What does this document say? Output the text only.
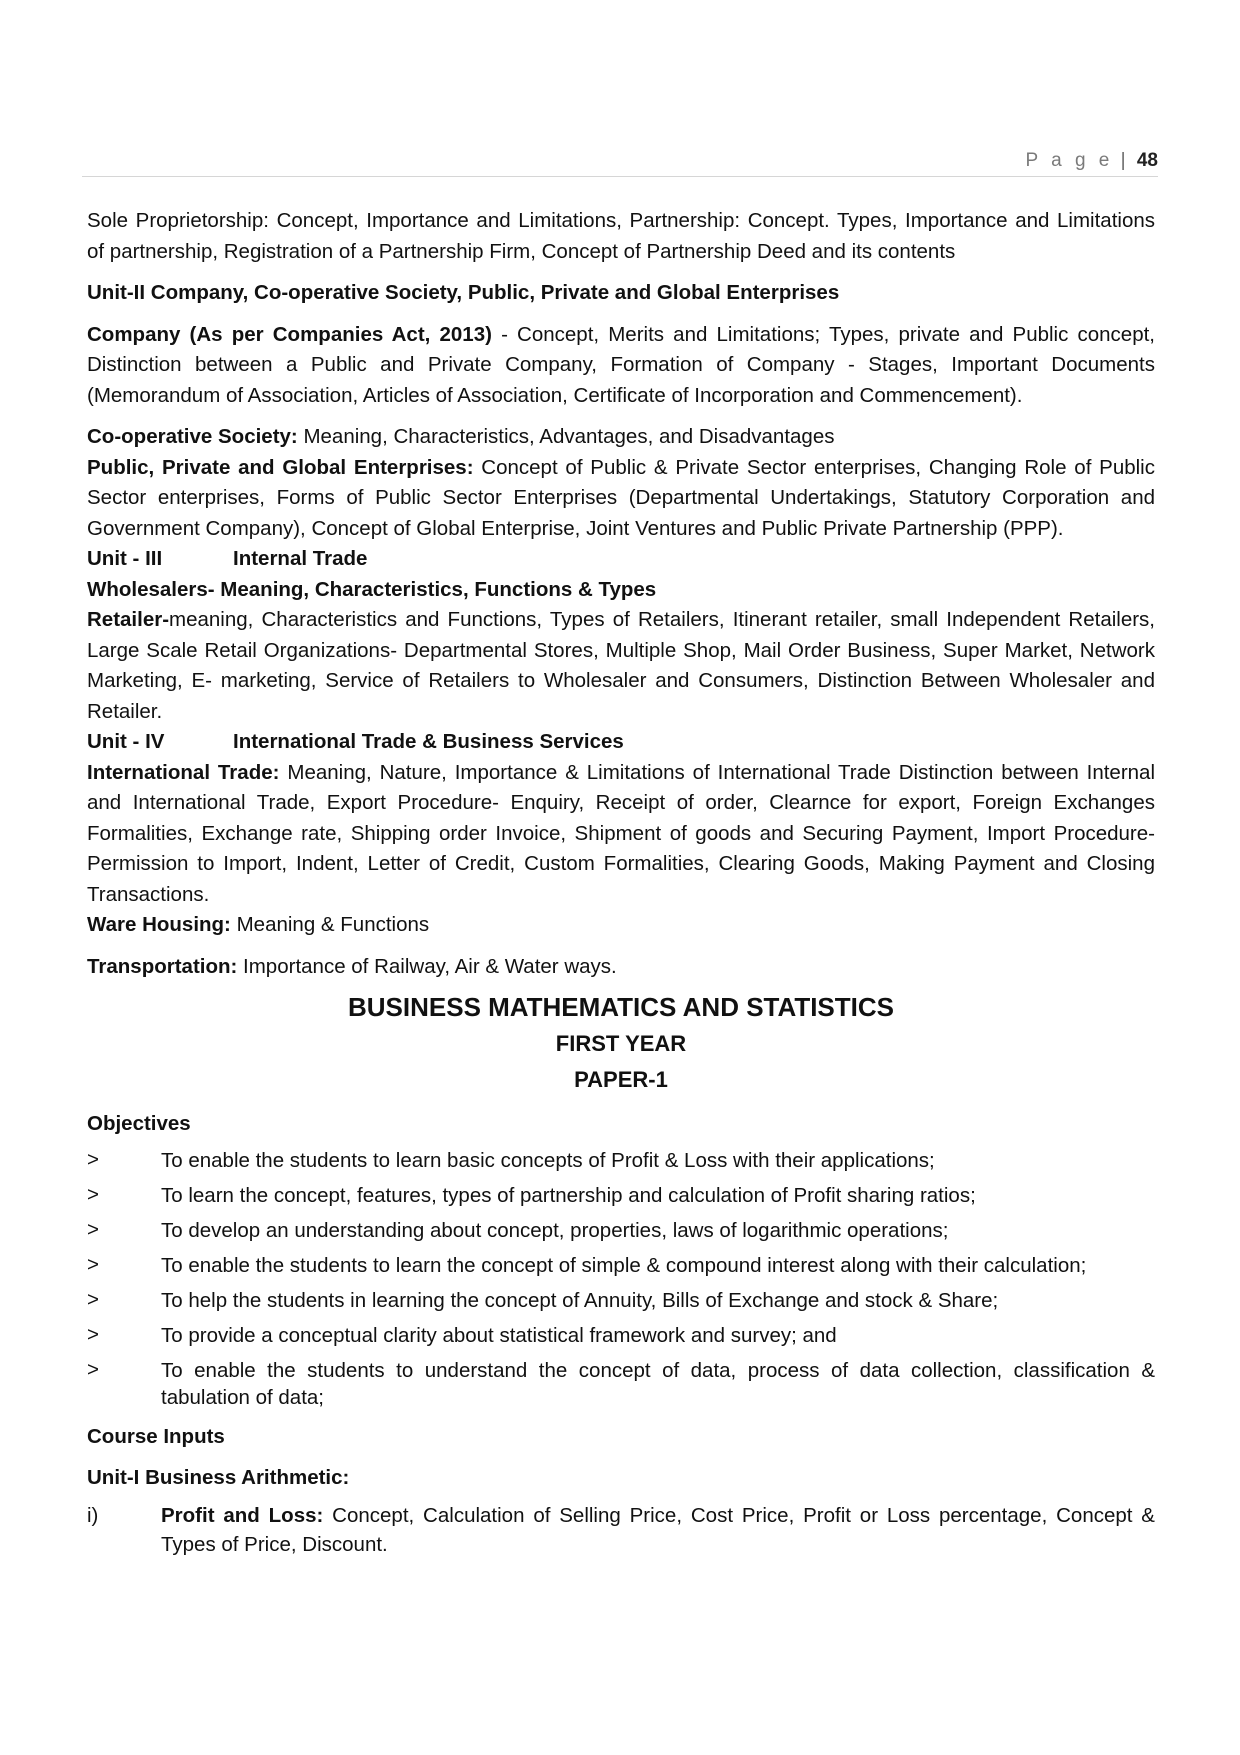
P a g e | 48

Sole Proprietorship: Concept, Importance and Limitations, Partnership: Concept. Types, Importance and Limitations of partnership, Registration of a Partnership Firm, Concept of Partnership Deed and its contents

Unit-II Company, Co-operative Society, Public, Private and Global Enterprises

Company (As per Companies Act, 2013) - Concept, Merits and Limitations; Types, private and Public concept, Distinction between a Public and Private Company, Formation of Company - Stages, Important Documents (Memorandum of Association, Articles of Association, Certificate of Incorporation and Commencement).

Co-operative Society: Meaning, Characteristics, Advantages, and Disadvantages

Public, Private and Global Enterprises: Concept of Public & Private Sector enterprises, Changing Role of Public Sector enterprises, Forms of Public Sector Enterprises (Departmental Undertakings, Statutory Corporation and Government Company), Concept of Global Enterprise, Joint Ventures and Public Private Partnership (PPP).

Unit - III	Internal Trade

Wholesalers- Meaning, Characteristics, Functions & Types

Retailer-meaning, Characteristics and Functions, Types of Retailers, Itinerant retailer, small Independent Retailers, Large Scale Retail Organizations- Departmental Stores, Multiple Shop, Mail Order Business, Super Market, Network Marketing, E- marketing, Service of Retailers to Wholesaler and Consumers, Distinction Between Wholesaler and Retailer.

Unit - IV	International Trade & Business Services

International Trade: Meaning, Nature, Importance & Limitations of International Trade Distinction between Internal and International Trade, Export Procedure- Enquiry, Receipt of order, Clearnce for export, Foreign Exchanges Formalities, Exchange rate, Shipping order Invoice, Shipment of goods and Securing Payment, Import Procedure- Permission to Import, Indent, Letter of Credit, Custom Formalities, Clearing Goods, Making Payment and Closing Transactions.

Ware Housing: Meaning & Functions

Transportation: Importance of Railway, Air & Water ways.

BUSINESS MATHEMATICS AND STATISTICS

FIRST YEAR

PAPER-1

Objectives

>	To enable the students to learn basic concepts of Profit & Loss with their applications;
>	To learn the concept, features, types of partnership and calculation of Profit sharing ratios;
>	To develop an understanding about concept, properties, laws of logarithmic operations;
>	To enable the students to learn the concept of simple & compound interest along with their calculation;
>	To help the students in learning the concept of Annuity, Bills of Exchange and stock & Share;
>	To provide a conceptual clarity about statistical framework and survey; and
>	To enable the students to understand the concept of data, process of data collection, classification & tabulation of data;

Course Inputs

Unit-I Business Arithmetic:

i)	Profit and Loss: Concept, Calculation of Selling Price, Cost Price, Profit or Loss percentage, Concept & Types of Price, Discount.
